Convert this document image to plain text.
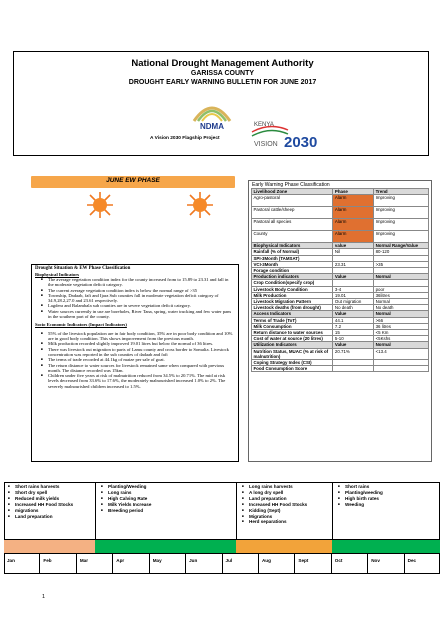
National Drought Management Authority
GARISSA COUNTY
DROUGHT EARLY WARNING BULLETIN FOR JUNE 2017
NDMA
A Vision 2030 Flagship Project
KENYA
VISION 2030
JUNE EW PHASE
Early Warning Phase Classification
Livelihood Zone	Phase	Trend
Agro-pastoral	Alarm	Improving
Pastoral cattle/sheep	Alarm	Improving
Pastoral all species	Alarm	Improving
County	Alarm	Improving
Biophysical Indicators	value	Normal Range/Value
Rainfall (% of Normal)	Nil	80-120
SPI-3Month (TAMSAT)		
VCI-3Month	23.31	>35
Forage condition		
Production indicators	Value	Normal
Crop Condition(specify crop)		
Livestock Body Condition	3-4	poor
Milk Production	19.01	36litres
Livestock Migration Pattern	Out migration	Normal
Livestock deaths (from drought)	No death	No death
Access Indicators	Value	Normal
Terms of Trade (ToT)	44.1	>66
Milk Consumption	7.2	36 litres
Return distance to water sources	15	<5 Km
Cost of water at source (20 litres)	5-10	<5Kshs
Utilization Indicators	Value	Normal
Nutrition Status, MUAC (% at risk of malnutrition)	20.71%	<13.4
Coping Strategy Index (CSI)		
Food Consumption Score		
Drought Situation & EW Phase Classification
Biophysical Indicators
■ The average vegetation condition index for the county increased from to 15.89 to 23.31 and fall in the moderate vegetation deficit category.
■ The current average vegetation condition index is below the normal range of >35
■ Township, Dadaab, fafi and Ijara Sub counties fall in moderate vegetation deficit category of 34.9,28.2,27.0 and 23.61 respectively.
■ Lagdera and Balambala sub counties are in severe vegetation deficit category.
■ Water sources currently in use are boreholes, River Tana, spring, water trucking and few water pans in the southern part of the county.
Socio Economic Indicators (Impact Indicators)
■ 55% of the livestock population are in fair body condition, 35% are in poor body condition and 10% are in good body condition. This shows improvement from the previous month.
■ Milk production recorded slightly improved 19.01 litres but below the normal of 36 litres.
■ There was livestock out migration to parts of Lamu county and cross border to Somalia. Livestock concentration was reported in the sub counties of dadaab and fafi
■ The terms of trade recorded at 44.1kg of maize per sale of goat.
■ The return distance to water sources for livestock remained same when compared with previous month. The distance recorded was 15km.
■ Children under five years at risk of malnutrition reduced from 34.5% to 20.71%. The mid at risk levels decreased from 33.6% to 17.6%, the moderately malnourished increased 1.0% to 2%. The severely malnourished children increased to 1.5%.
■ Short rains harvests
■ Short dry spell
■ Reduced milk yields
■ Increased HH Food Stocks
■ migrations
■ Land preparation
■ Planting/Weeding
■ Long rains
■ High Calving Rate
■ Milk Yields Increase
■ Breeding period
■ Long rains harvests
■ A long dry spell
■ Land preparation
■ Increased HH Food Stocks
■ Kidding (Sept)
■ Migrations
■ Herd separations
■ Short rains
■ Planting/weeding
■ High birth rates
■ Weeding
Jan	Feb	Mar	Apr	May	Jun	Jul	Aug	Sept	Oct	Nov	Dec
1
